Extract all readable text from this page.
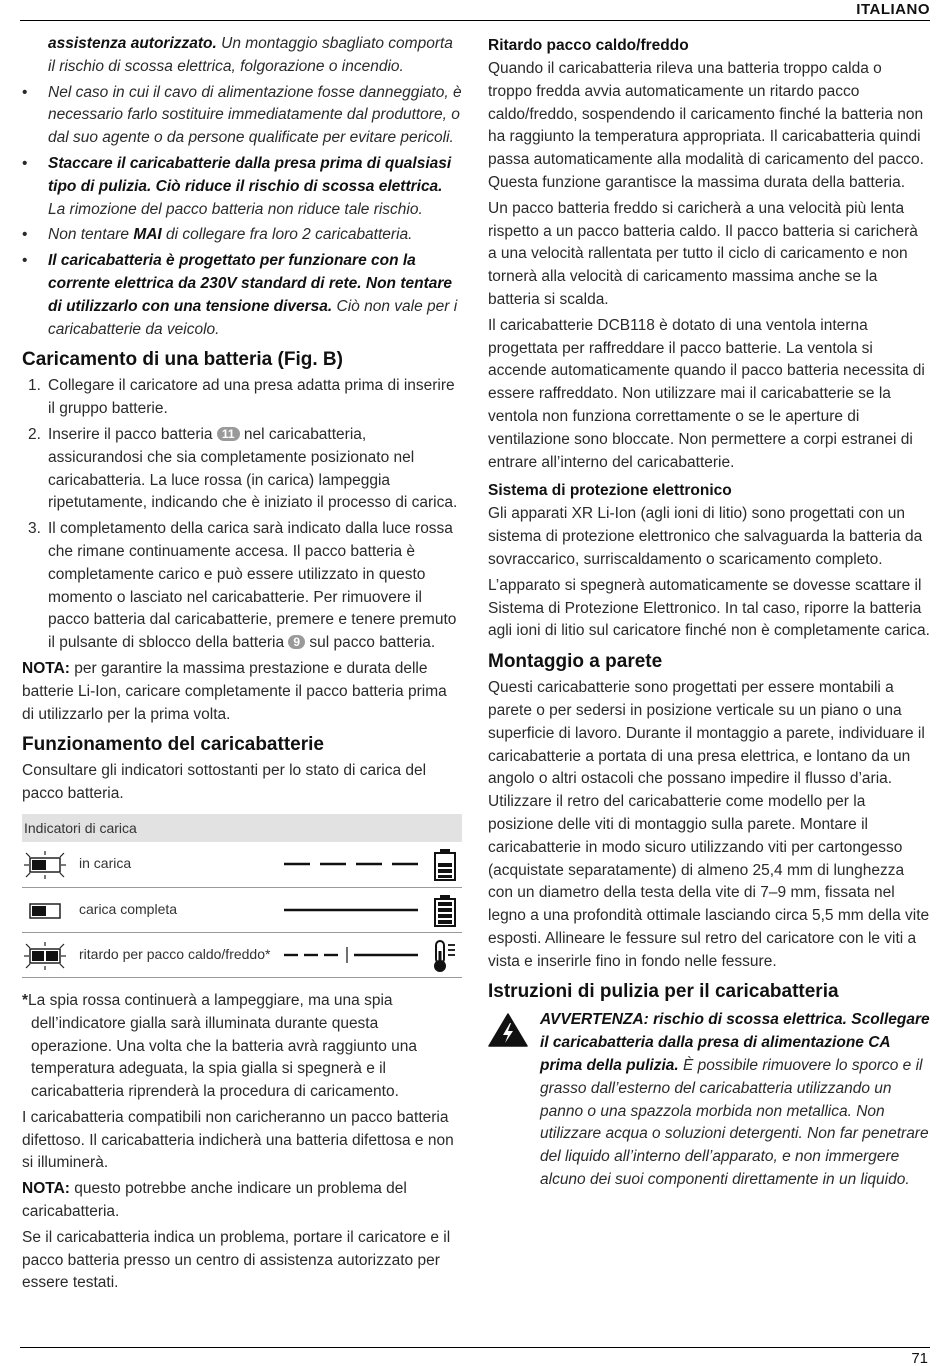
ITALIANO

assistenza autorizzato. Un montaggio sbagliato comporta il rischio di scossa elettrica, folgorazione o incendio.

• Nel caso in cui il cavo di alimentazione fosse danneggiato, è necessario farlo sostituire immediatamente dal produttore, o dal suo agente o da persone qualificate per evitare pericoli.
• Staccare il caricabatterie dalla presa prima di qualsiasi tipo di pulizia. Ciò riduce il rischio di scossa elettrica. La rimozione del pacco batteria non riduce tale rischio.
• Non tentare MAI di collegare fra loro 2 caricabatteria.
• Il caricabatteria è progettato per funzionare con la corrente elettrica da 230V standard di rete. Non tentare di utilizzarlo con una tensione diversa. Ciò non vale per i caricabatterie da veicolo.
Caricamento di una batteria (Fig. B)
1. Collegare il caricatore ad una presa adatta prima di inserire il gruppo batterie.
2. Inserire il pacco batteria 11 nel caricabatteria, assicurandosi che sia completamente posizionato nel caricabatteria. La luce rossa (in carica) lampeggia ripetutamente, indicando che è iniziato il processo di carica.
3. Il completamento della carica sarà indicato dalla luce rossa che rimane continuamente accesa. Il pacco batteria è completamente carico e può essere utilizzato in questo momento o lasciato nel caricabatterie. Per rimuovere il pacco batteria dal caricabatterie, premere e tenere premuto il pulsante di sblocco della batteria 9 sul pacco batteria.

NOTA: per garantire la massima prestazione e durata delle batterie Li-Ion, caricare completamente il pacco batteria prima di utilizzarlo per la prima volta.

Funzionamento del caricabatterie

Consultare gli indicatori sottostanti per lo stato di carica del pacco batteria.

Indicatori di carica
in carica
carica completa
ritardo per pacco caldo/freddo*

*La spia rossa continuerà a lampeggiare, ma una spia

dell’indicatore gialla sarà illuminata durante questa operazione. Una volta che la batteria avrà raggiunto una temperatura adeguata, la spia gialla si spegnerà e il caricabatteria riprenderà la procedura di caricamento.

I caricabatteria compatibili non caricheranno un pacco batteria difettoso. Il caricabatteria indicherà una batteria difettosa e non si illuminerà.

NOTA: questo potrebbe anche indicare un problema del caricabatteria.

Se il caricabatteria indica un problema, portare il caricatore e il pacco batteria presso un centro di assistenza autorizzato per essere testati.

Ritardo pacco caldo/freddo

Quando il caricabatteria rileva una batteria troppo calda o troppo fredda avvia automaticamente un ritardo pacco caldo/freddo, sospendendo il caricamento finché la batteria non ha raggiunto la temperatura appropriata. Il caricabatteria quindi passa automaticamente alla modalità di caricamento del pacco. Questa funzione garantisce la massima durata della batteria.

Un pacco batteria freddo si caricherà a una velocità più lenta rispetto a un pacco batteria caldo. Il pacco batteria si caricherà a una velocità rallentata per tutto il ciclo di caricamento e non tornerà alla velocità di caricamento massima anche se la batteria si scalda.

Il caricabatterie DCB118 è dotato di una ventola interna progettata per raffreddare il pacco batterie. La ventola si accende automaticamente quando il pacco batteria necessita di essere raffreddato. Non utilizzare mai il caricabatterie se la ventola non funziona correttamente o se le aperture di ventilazione sono bloccate. Non permettere a corpi estranei di entrare all’interno del caricabatterie.

Sistema di protezione elettronico

Gli apparati XR Li-Ion (agli ioni di litio) sono progettati con un sistema di protezione elettronico che salvaguarda la batteria da sovraccarico, surriscaldamento o scaricamento completo.

L’apparato si spegnerà automaticamente se dovesse scattare il Sistema di Protezione Elettronico. In tal caso, riporre la batteria agli ioni di litio sul caricatore finché non è completamente carica.

Montaggio a parete

Questi caricabatterie sono progettati per essere montabili a parete o per sedersi in posizione verticale su un piano o una superficie di lavoro. Durante il montaggio a parete, individuare il caricabatterie a portata di una presa elettrica, e lontano da un angolo o altri ostacoli che possano impedire il flusso d’aria. Utilizzare il retro del caricabatterie come modello per la posizione delle viti di montaggio sulla parete. Montare il caricabatterie in modo sicuro utilizzando viti per cartongesso (acquistate separatamente) di almeno 25,4 mm di lunghezza con un diametro della testa della vite di 7–9 mm, fissata nel legno a una profondità ottimale lasciando circa 5,5 mm della vite esposti. Allineare le fessure sul retro del caricatore con le viti a vista e inserirle fino in fondo nelle fessure.

Istruzioni di pulizia per il caricabatteria

AVVERTENZA: rischio di scossa elettrica. Scollegare il caricabatteria dalla presa di alimentazione CA prima della pulizia. È possibile rimuovere lo sporco e il grasso dall’esterno del caricabatteria utilizzando un panno o una spazzola morbida non metallica. Non utilizzare acqua o soluzioni detergenti. Non far penetrare del liquido all’interno dell’apparato, e non immergere alcuno dei suoi componenti direttamente in un liquido.

71
